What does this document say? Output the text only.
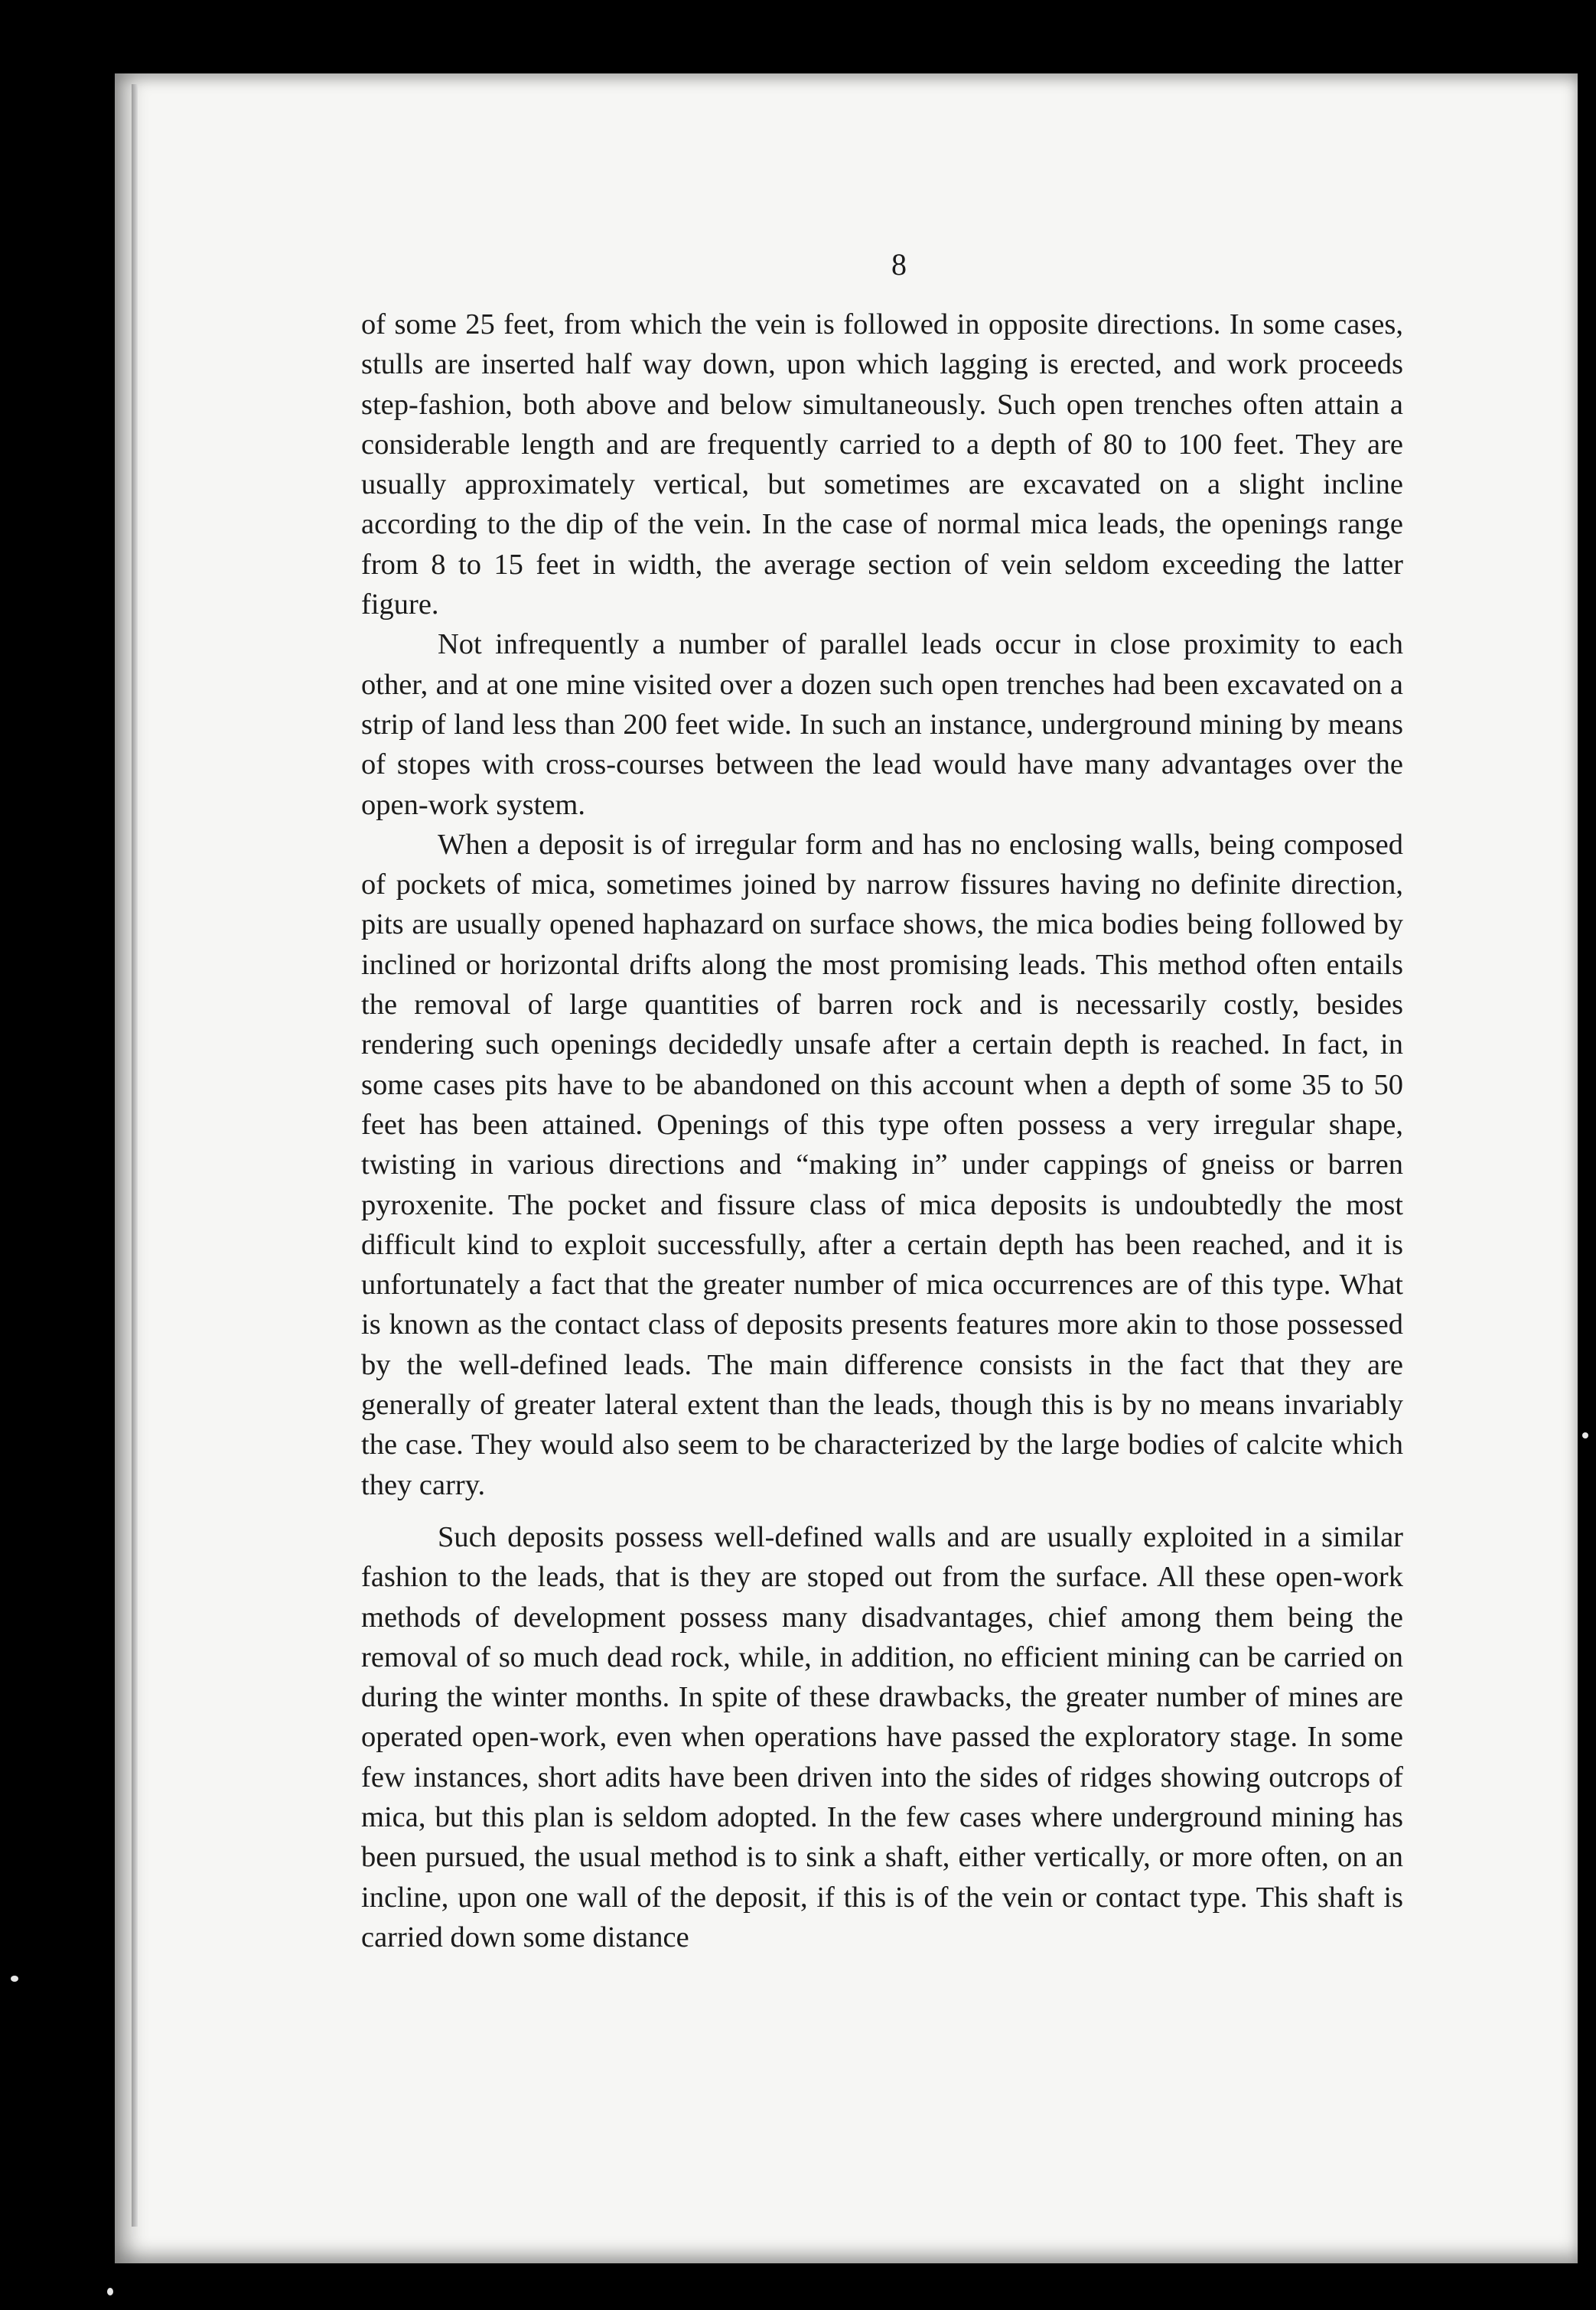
8

of some 25 feet, from which the vein is followed in opposite directions. In some cases, stulls are inserted half way down, upon which lagging is erected, and work proceeds step-fashion, both above and below simultaneously. Such open trenches often attain a considerable length and are frequently carried to a depth of 80 to 100 feet. They are usually approximately vertical, but sometimes are excavated on a slight incline according to the dip of the vein. In the case of normal mica leads, the openings range from 8 to 15 feet in width, the average section of vein seldom exceeding the latter figure.

Not infrequently a number of parallel leads occur in close proximity to each other, and at one mine visited over a dozen such open trenches had been excavated on a strip of land less than 200 feet wide. In such an instance, underground mining by means of stopes with cross-courses between the lead would have many advantages over the open-work system.

When a deposit is of irregular form and has no enclosing walls, being composed of pockets of mica, sometimes joined by narrow fissures having no definite direction, pits are usually opened haphazard on surface shows, the mica bodies being followed by inclined or horizontal drifts along the most promising leads. This method often entails the removal of large quantities of barren rock and is necessarily costly, besides rendering such openings decidedly unsafe after a certain depth is reached. In fact, in some cases pits have to be abandoned on this account when a depth of some 35 to 50 feet has been attained. Openings of this type often possess a very irregular shape, twisting in various directions and “making in” under cappings of gneiss or barren pyroxenite. The pocket and fissure class of mica deposits is undoubtedly the most difficult kind to exploit successfully, after a certain depth has been reached, and it is unfortunately a fact that the greater number of mica occurrences are of this type. What is known as the contact class of deposits presents features more akin to those possessed by the well-defined leads. The main difference consists in the fact that they are generally of greater lateral extent than the leads, though this is by no means invariably the case. They would also seem to be characterized by the large bodies of calcite which they carry.

Such deposits possess well-defined walls and are usually exploited in a similar fashion to the leads, that is they are stoped out from the surface. All these open-work methods of development possess many disadvantages, chief among them being the removal of so much dead rock, while, in addition, no efficient mining can be carried on during the winter months. In spite of these drawbacks, the greater number of mines are operated open-work, even when operations have passed the exploratory stage. In some few instances, short adits have been driven into the sides of ridges showing outcrops of mica, but this plan is seldom adopted. In the few cases where underground mining has been pursued, the usual method is to sink a shaft, either vertically, or more often, on an incline, upon one wall of the deposit, if this is of the vein or contact type. This shaft is carried down some distance
